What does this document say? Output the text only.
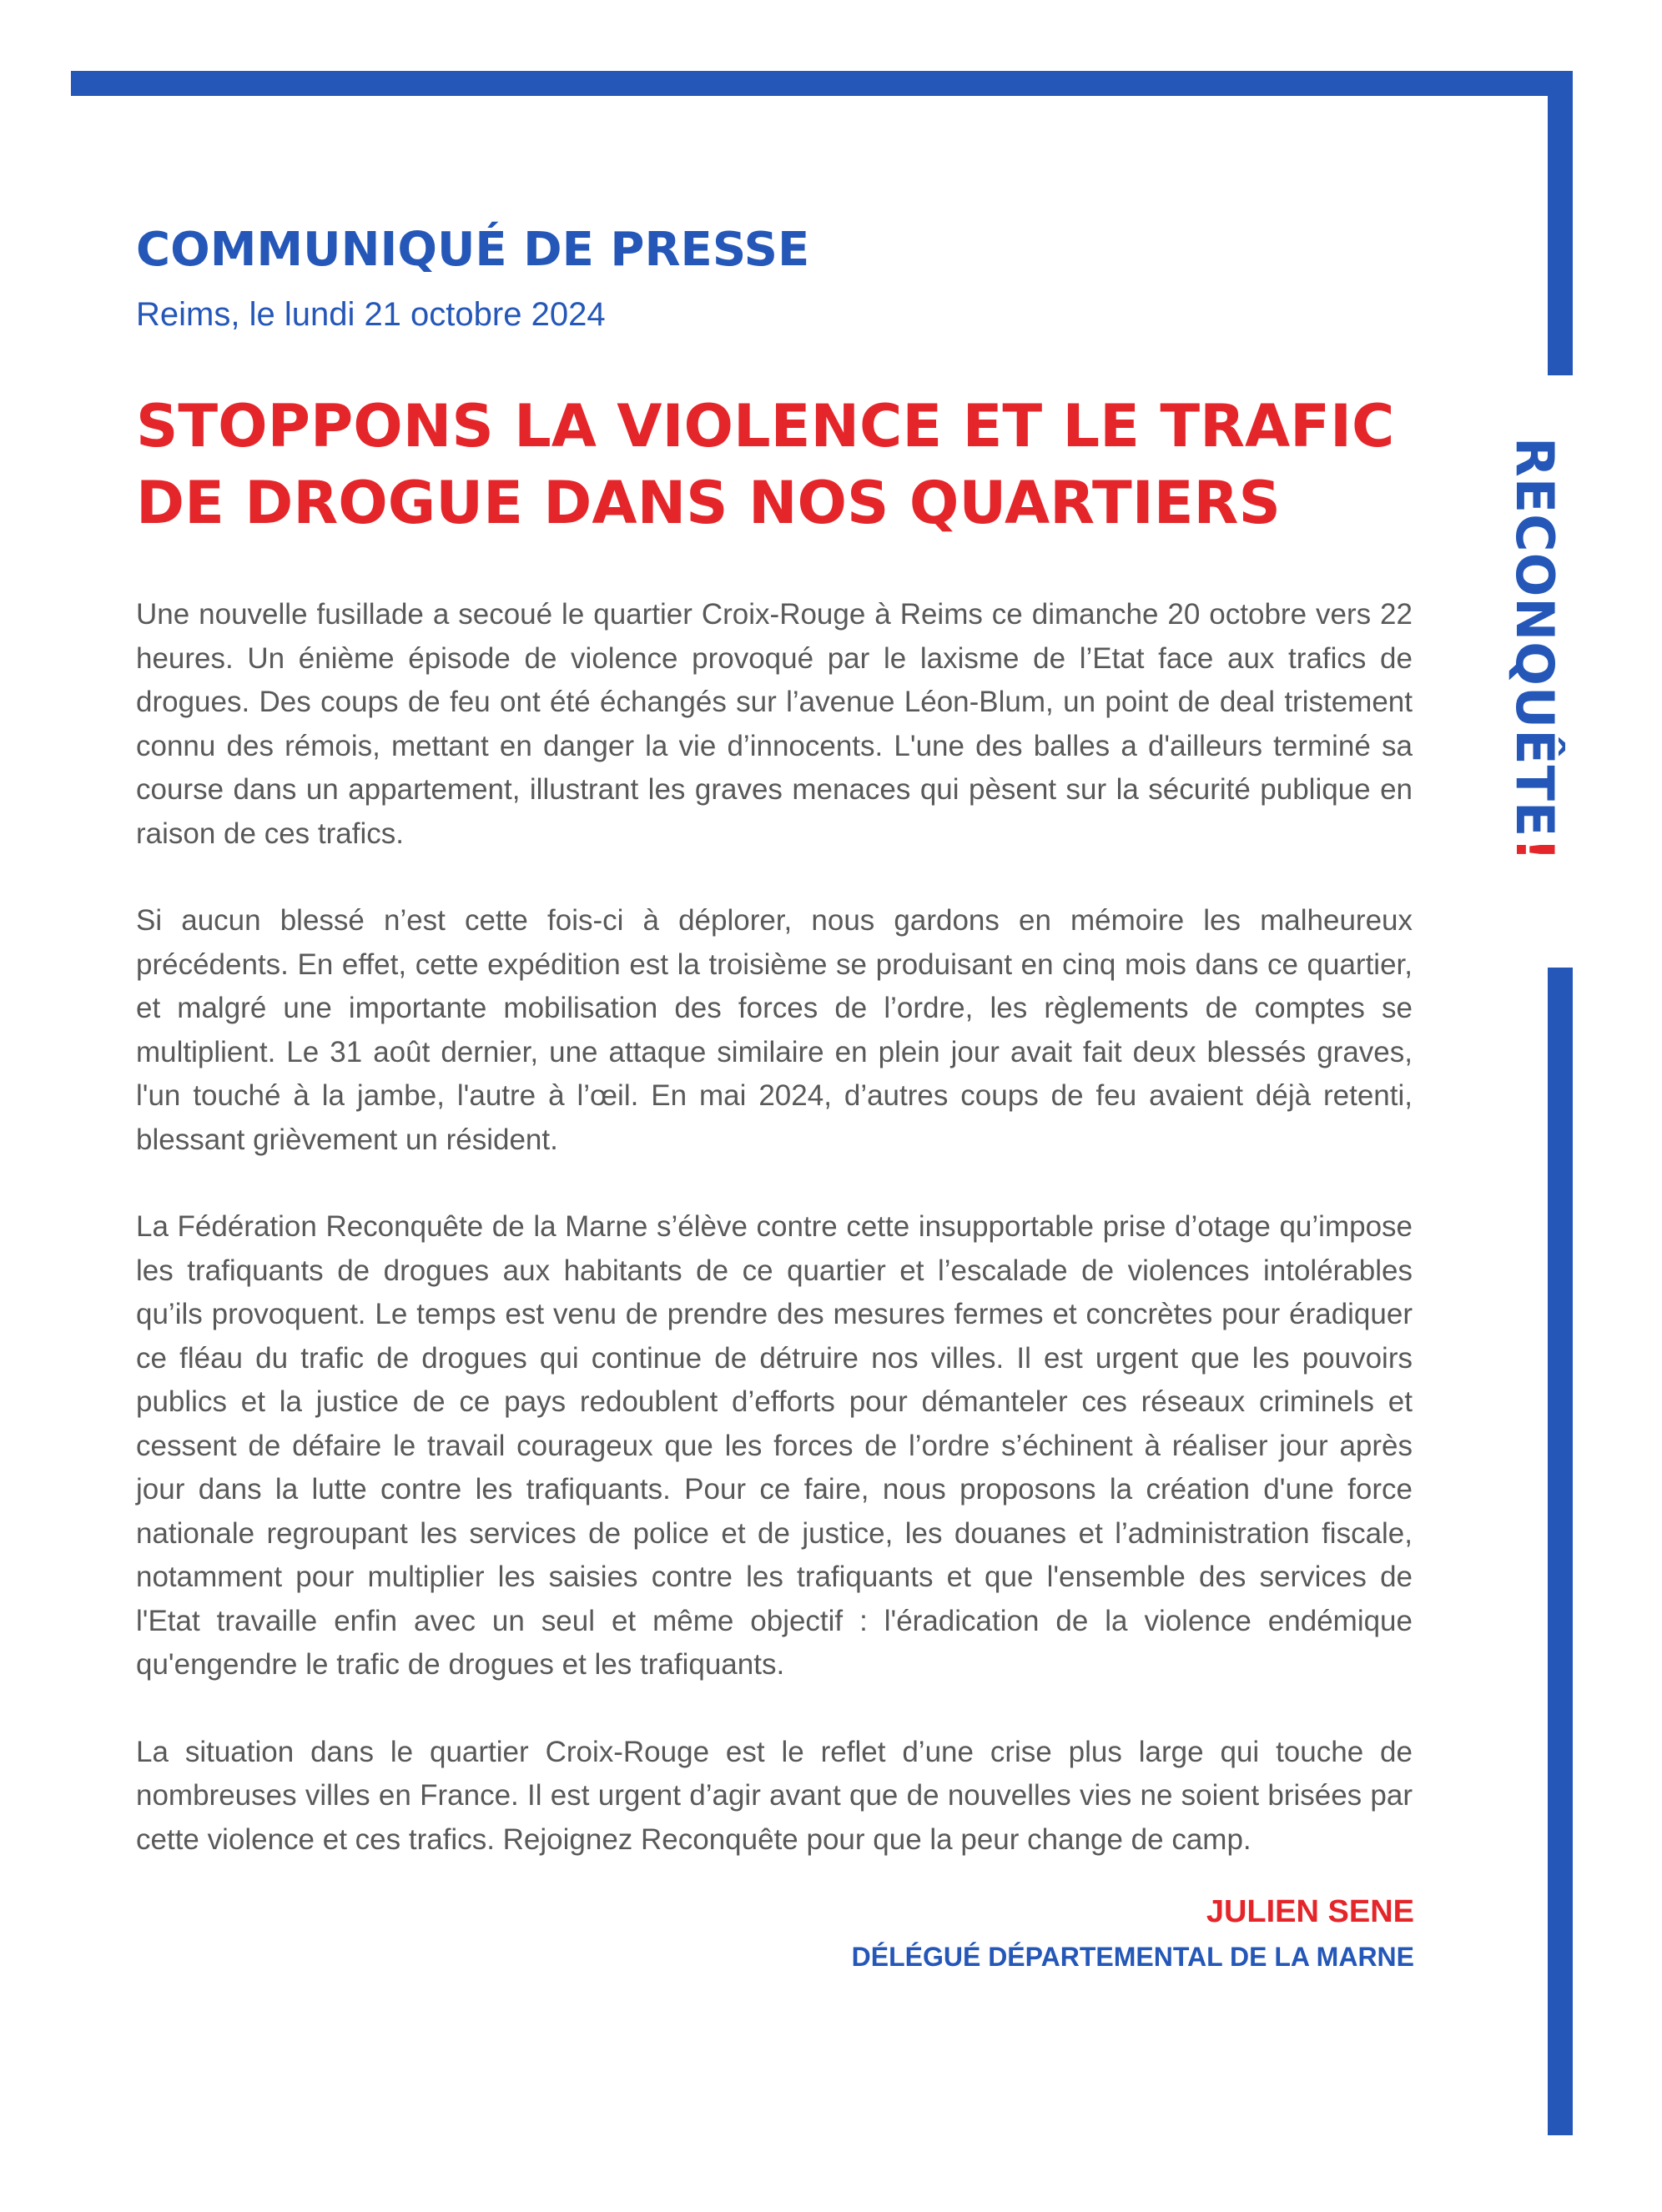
RECONQUÊTE!
COMMUNIQUÉ DE PRESSE

Reims, le lundi 21 octobre 2024

STOPPONS LA VIOLENCE ET LE TRAFIC
DE DROGUE DANS NOS QUARTIERS

Une nouvelle fusillade a secoué le quartier Croix-Rouge à Reims ce dimanche 20 octobre vers 22 heures. Un énième épisode de violence provoqué par le laxisme de l’Etat face aux trafics de drogues. Des coups de feu ont été échangés sur l’avenue Léon-Blum, un point de deal tristement connu des rémois, mettant en danger la vie d’innocents. L'une des balles a d'ailleurs terminé sa course dans un appartement, illustrant les graves menaces qui pèsent sur la sécurité publique en raison de ces trafics.

Si aucun blessé n’est cette fois-ci à déplorer, nous gardons en mémoire les malheureux précédents. En effet, cette expédition est la troisième se produisant en cinq mois dans ce quartier, et malgré une importante mobilisation des forces de l’ordre, les règlements de comptes se multiplient. Le 31 août dernier, une attaque similaire en plein jour avait fait deux blessés graves, l'un touché à la jambe, l'autre à l’œil. En mai 2024, d’autres coups de feu avaient déjà retenti, blessant grièvement un résident.

La Fédération Reconquête de la Marne s’élève contre cette insupportable prise d’otage qu’impose les trafiquants de drogues aux habitants de ce quartier et l’escalade de violences intolérables qu’ils provoquent. Le temps est venu de prendre des mesures fermes et concrètes pour éradiquer ce fléau du trafic de drogues qui continue de détruire nos villes. Il est urgent que les pouvoirs publics et la justice de ce pays redoublent d’efforts pour démanteler ces réseaux criminels et cessent de défaire le travail courageux que les forces de l’ordre s’échinent à réaliser jour après jour dans la lutte contre les trafiquants. Pour ce faire, nous proposons la création d'une force nationale regroupant les services de police et de justice, les douanes et l’administration fiscale, notamment pour multiplier les saisies contre les trafiquants et que l'ensemble des services de l'Etat travaille enfin avec un seul et même objectif : l'éradication de la violence endémique qu'engendre le trafic de drogues et les trafiquants.

La situation dans le quartier Croix-Rouge est le reflet d’une crise plus large qui touche de nombreuses villes en France. Il est urgent d’agir avant que de nouvelles vies ne soient brisées par cette violence et ces trafics. Rejoignez Reconquête pour que la peur change de camp.

JULIEN SENE

DÉLÉGUÉ DÉPARTEMENTAL DE LA MARNE
